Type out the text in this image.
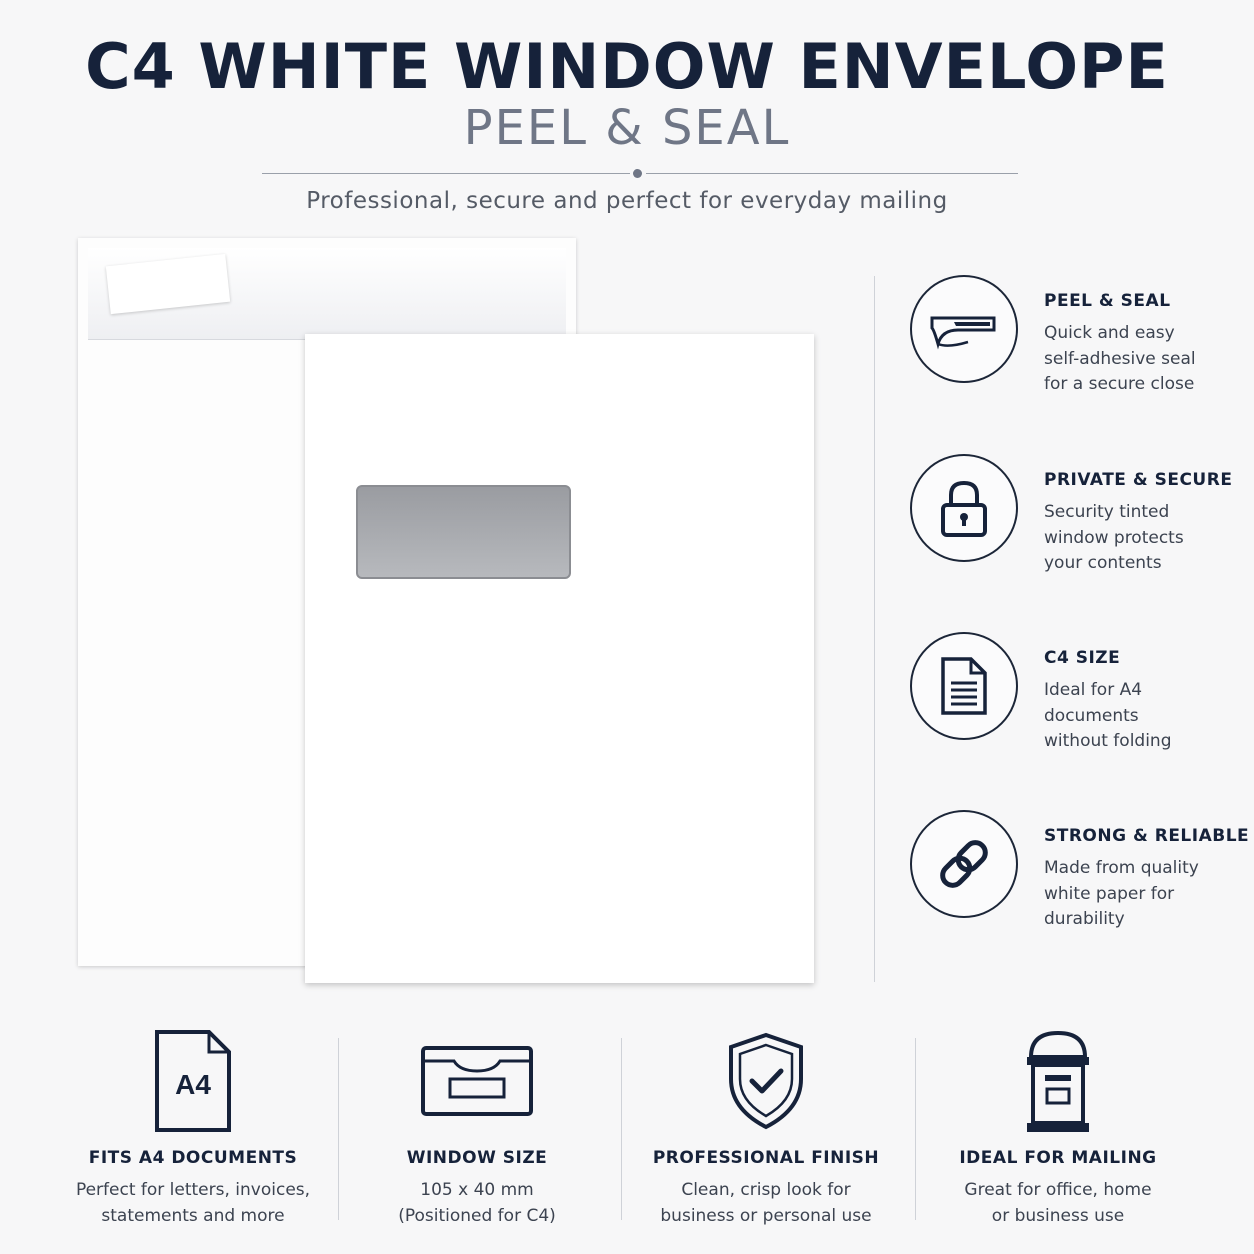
C4 WHITE WINDOW ENVELOPE
PEEL & SEAL
Professional, secure and perfect for everyday mailing
PEEL & SEAL
Quick and easy
self-adhesive seal
for a secure close
PRIVATE & SECURE
Security tinted
window protects
your contents
C4 SIZE
Ideal for A4
documents
without folding
STRONG & RELIABLE
Made from quality
white paper for
durability
A4
FITS A4 DOCUMENTS
Perfect for letters, invoices,
statements and more
WINDOW SIZE
105 x 40 mm
(Positioned for C4)
PROFESSIONAL FINISH
Clean, crisp look for
business or personal use
IDEAL FOR MAILING
Great for office, home
or business use
